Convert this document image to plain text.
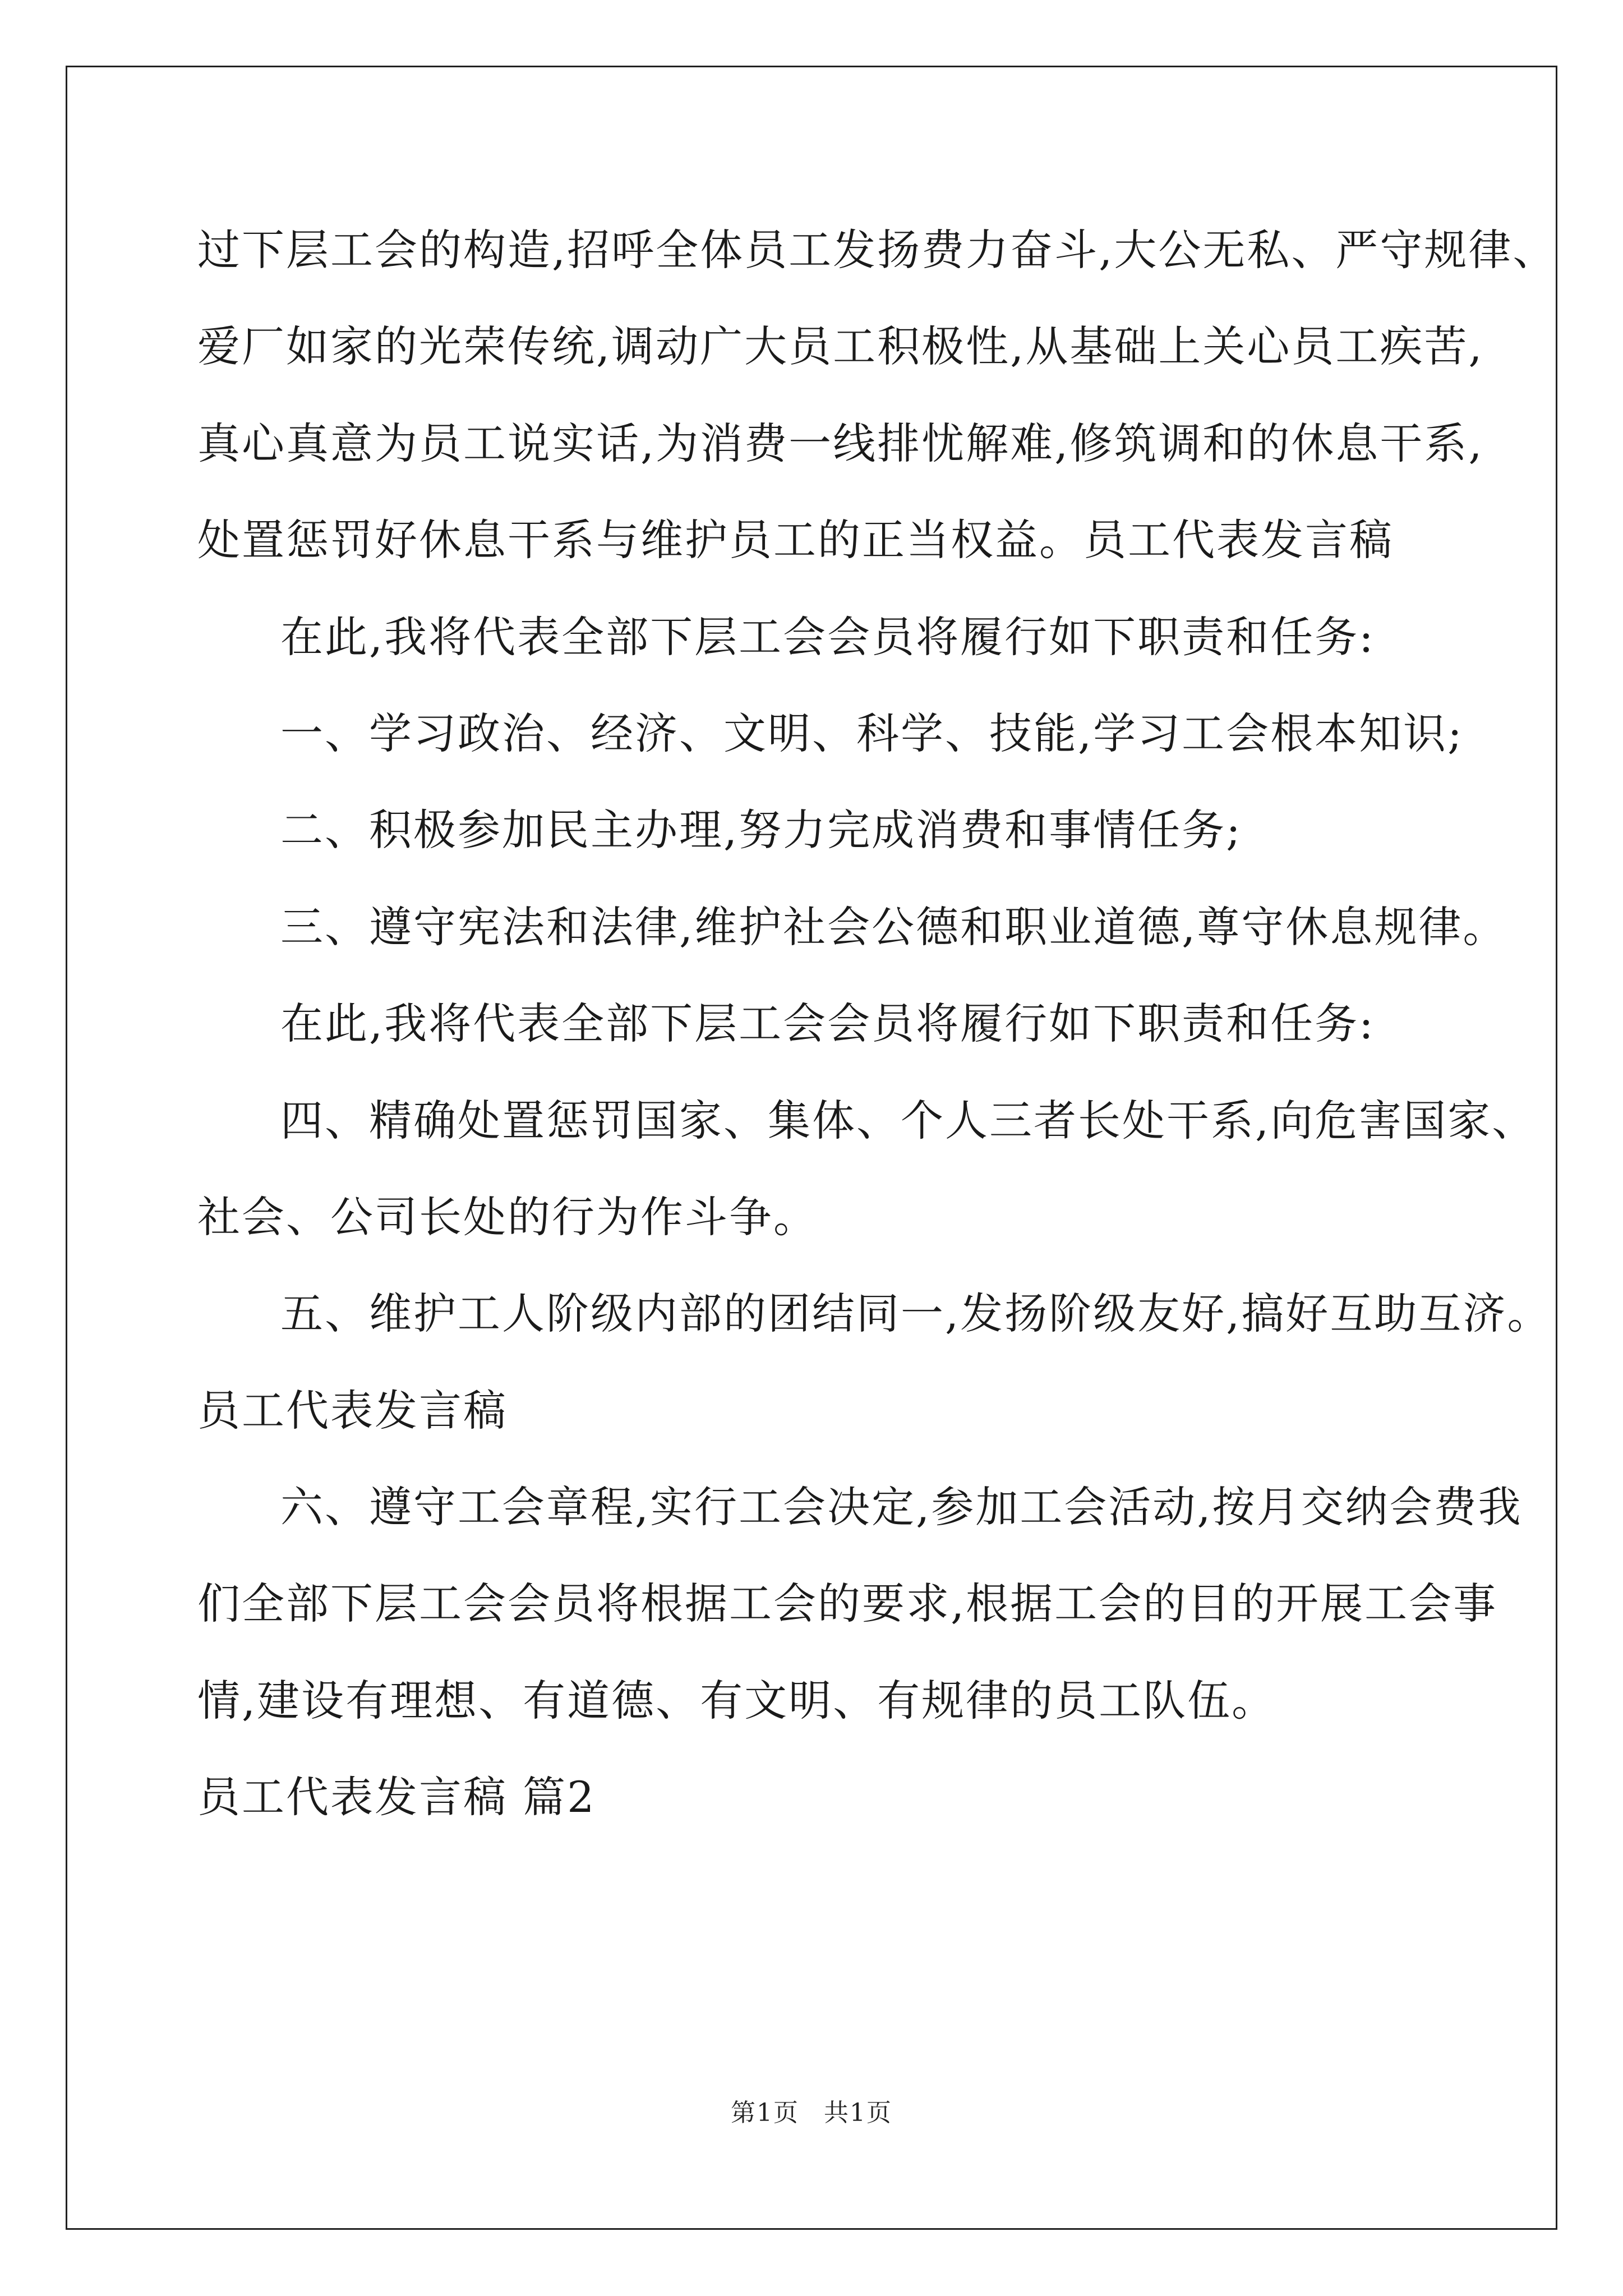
过下层工会的构造,招呼全体员工发扬费力奋斗,大公无私、严守规律、
爱厂如家的光荣传统,调动广大员工积极性,从基础上关心员工疾苦,
真心真意为员工说实话,为消费一线排忧解难,修筑调和的休息干系,
处置惩罚好休息干系与维护员工的正当权益。员工代表发言稿
在此,我将代表全部下层工会会员将履行如下职责和任务:
一、学习政治、经济、文明、科学、技能,学习工会根本知识;
二、积极参加民主办理,努力完成消费和事情任务;
三、遵守宪法和法律,维护社会公德和职业道德,尊守休息规律。
在此,我将代表全部下层工会会员将履行如下职责和任务:
四、精确处置惩罚国家、集体、个人三者长处干系,向危害国家、
社会、公司长处的行为作斗争。
五、维护工人阶级内部的团结同一,发扬阶级友好,搞好互助互济。
员工代表发言稿
六、遵守工会章程,实行工会决定,参加工会活动,按月交纳会费我
们全部下层工会会员将根据工会的要求,根据工会的目的开展工会事
情,建设有理想、有道德、有文明、有规律的员工队伍。
员工代表发言稿 篇2
第1页 共1页
